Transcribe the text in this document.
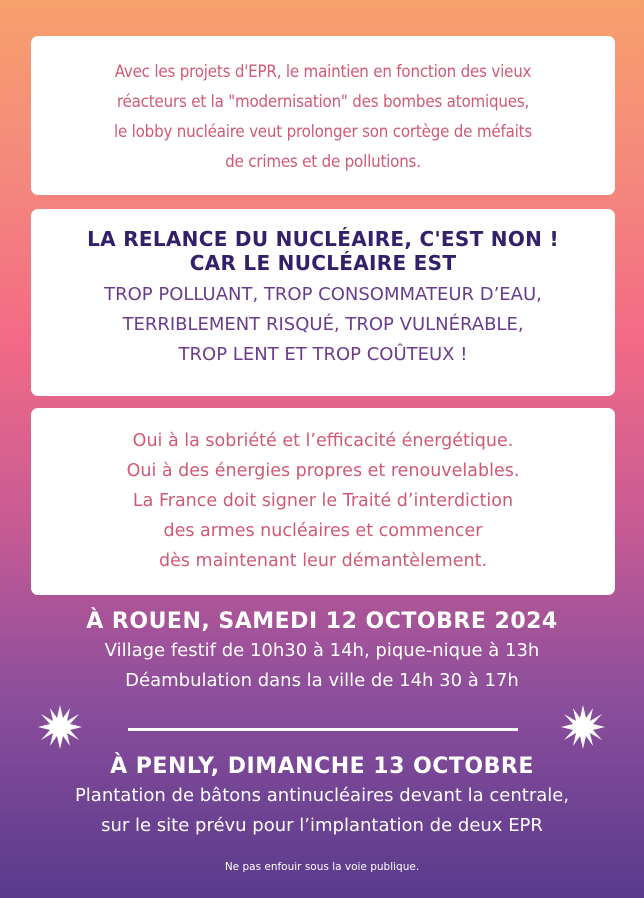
Avec les projets d'EPR, le maintien en fonction des vieux

réacteurs et la "modernisation" des bombes atomiques,

le lobby nucléaire veut prolonger son cortège de méfaits

de crimes et de pollutions.

LA RELANCE DU NUCLÉAIRE, C'EST NON !

CAR LE NUCLÉAIRE EST

TROP POLLUANT, TROP CONSOMMATEUR D’EAU,

TERRIBLEMENT RISQUÉ, TROP VULNÉRABLE,

TROP LENT ET TROP COÛTEUX !

Oui à la sobriété et l’efficacité énergétique.

Oui à des énergies propres et renouvelables.

La France doit signer le Traité d’interdiction

des armes nucléaires et commencer

dès maintenant leur démantèlement.

À ROUEN, SAMEDI 12 OCTOBRE 2024

Village festif de 10h30 à 14h, pique-nique à 13h

Déambulation dans la ville de 14h 30 à 17h

À PENLY, DIMANCHE 13 OCTOBRE

Plantation de bâtons antinucléaires devant la centrale,

sur le site prévu pour l’implantation de deux EPR

Ne pas enfouir sous la voie publique.
